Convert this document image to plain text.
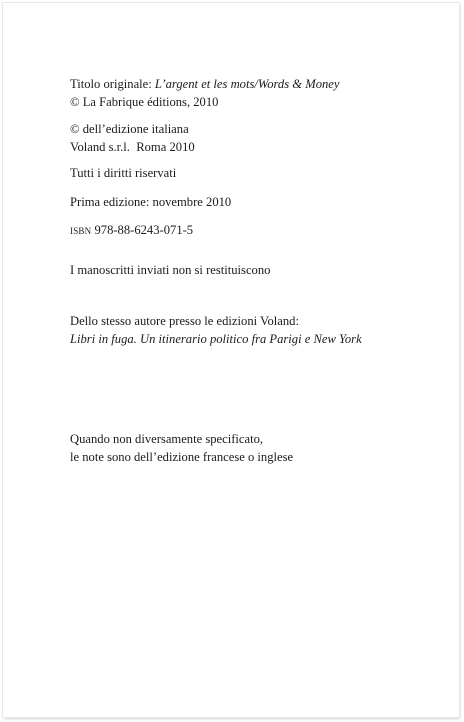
Titolo originale: L’argent et les mots/Words & Money
© La Fabrique éditions, 2010
© dell’edizione italiana
Voland s.r.l.  Roma 2010
Tutti i diritti riservati
Prima edizione: novembre 2010
isbn 978-88-6243-071-5
I manoscritti inviati non si restituiscono
Dello stesso autore presso le edizioni Voland:
Libri in fuga. Un itinerario politico fra Parigi e New York
Quando non diversamente specificato,
le note sono dell’edizione francese o inglese
